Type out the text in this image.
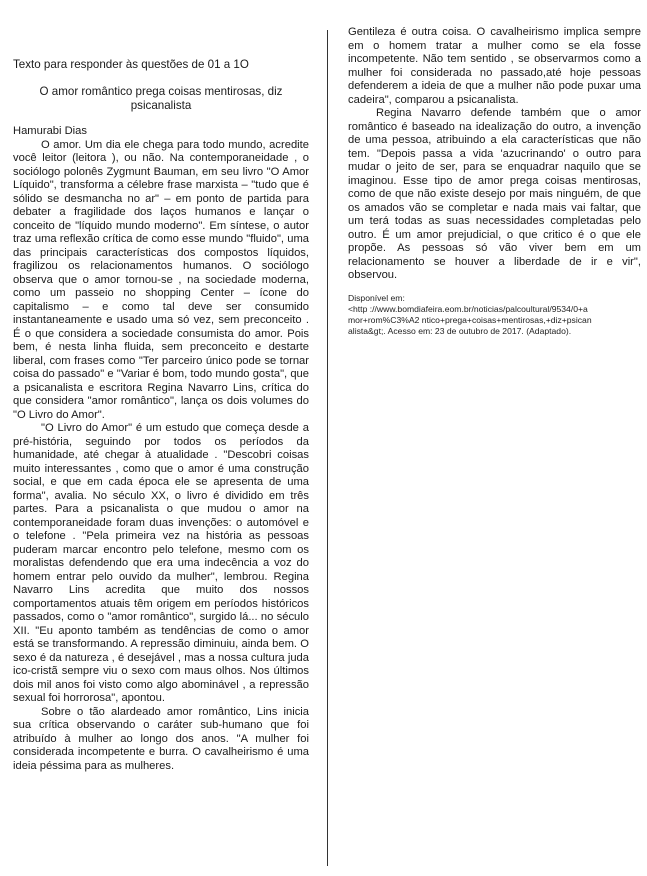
Texto para responder às questões de 01 a 1O
O amor romântico prega coisas mentirosas, diz psicanalista
Hamurabi Dias

O amor. Um dia ele chega para todo mundo, acredite você leitor (leitora ), ou não. Na contemporaneidade , o sociólogo polonês Zygmunt Bauman, em seu livro "O Amor Líquido", transforma a célebre frase marxista – "tudo que é sólido se desmancha no ar" – em ponto de partida para debater a fragilidade dos laços humanos e lançar o conceito de "líquido mundo moderno". Em síntese, o autor traz uma reflexão crítica de como esse mundo "fluido", uma das principais características dos compostos líquidos, fragilizou os relacionamentos humanos. O sociólogo observa que o amor tornou-se , na sociedade moderna, como um passeio no shopping Center – ícone do capitalismo – e como tal deve ser consumido instantaneamente e usado uma só vez, sem preconceito . É o que considera a sociedade consumista do amor. Pois bem, é nesta linha fluida, sem preconceito e destarte liberal, com frases como "Ter parceiro único pode se tornar coisa do passado" e "Variar é bom, todo mundo gosta", que a psicanalista e escritora Regina Navarro Lins, crítica do que considera "amor romântico", lança os dois volumes do "O Livro do Amor".

"O Livro do Amor" é um estudo que começa desde a pré-história, seguindo por todos os períodos da humanidade, até chegar à atualidade . "Descobri coisas muito interessantes , como que o amor é uma construção social, e que em cada época ele se apresenta de uma forma", avalia. No século XX, o livro é dividido em três partes. Para a psicanalista o que mudou o amor na contemporaneidade foram duas invenções: o automóvel e o telefone . "Pela primeira vez na história as pessoas puderam marcar encontro pelo telefone, mesmo com os moralistas defendendo que era uma indecência a voz do homem entrar pelo ouvido da mulher", lembrou. Regina Navarro Lins acredita que muito dos nossos comportamentos atuais têm origem em períodos históricos passados, como o "amor romântico", surgido lá... no século XII. "Eu aponto também as tendências de como o amor está se transformando. A repressão diminuiu, ainda bem. O sexo é da natureza , é desejável , mas a nossa cultura juda ico-cristã sempre viu o sexo com maus olhos. Nos últimos dois mil anos foi visto como algo abominável , a repressão sexual foi horrorosa", apontou.

Sobre o tão alardeado amor romântico, Lins inicia sua crítica observando o caráter sub-humano que foi atribuído à mulher ao longo dos anos. "A mulher foi considerada incompetente e burra. O cavalheirismo é uma ideia péssima para as mulheres.

Gentileza é outra coisa. O cavalheirismo implica sempre em o homem tratar a mulher como se ela fosse incompetente. Não tem sentido , se observarmos como a mulher foi considerada no passado,até hoje pessoas defenderem a ideia de que a mulher não pode puxar uma cadeira", comparou a psicanalista.

Regina Navarro defende também que o amor romântico é baseado na idealização do outro, a invenção de uma pessoa, atribuindo a ela características que não tem. "Depois passa a vida 'azucrinando' o outro para mudar o jeito de ser, para se enquadrar naquilo que se imaginou. Esse tipo de amor prega coisas mentirosas, como de que não existe desejo por mais ninguém, de que os amados vão se completar e nada mais vai faltar, que um terá todas as suas necessidades completadas pelo outro. É um amor prejudicial, o que critico é o que ele propõe. As pessoas só vão viver bem em um relacionamento se houver a liberdade de ir e vir", observou.

Disponível em:
<http ://www.bomdiafeira.eom.br/noticias/palcoultural/9534/0+a
mor+rom%C3%A2 ntico+prega+coisas+mentirosas,+diz+psican
alista&gt;. Acesso em: 23 de outubro de 2017. (Adaptado).
